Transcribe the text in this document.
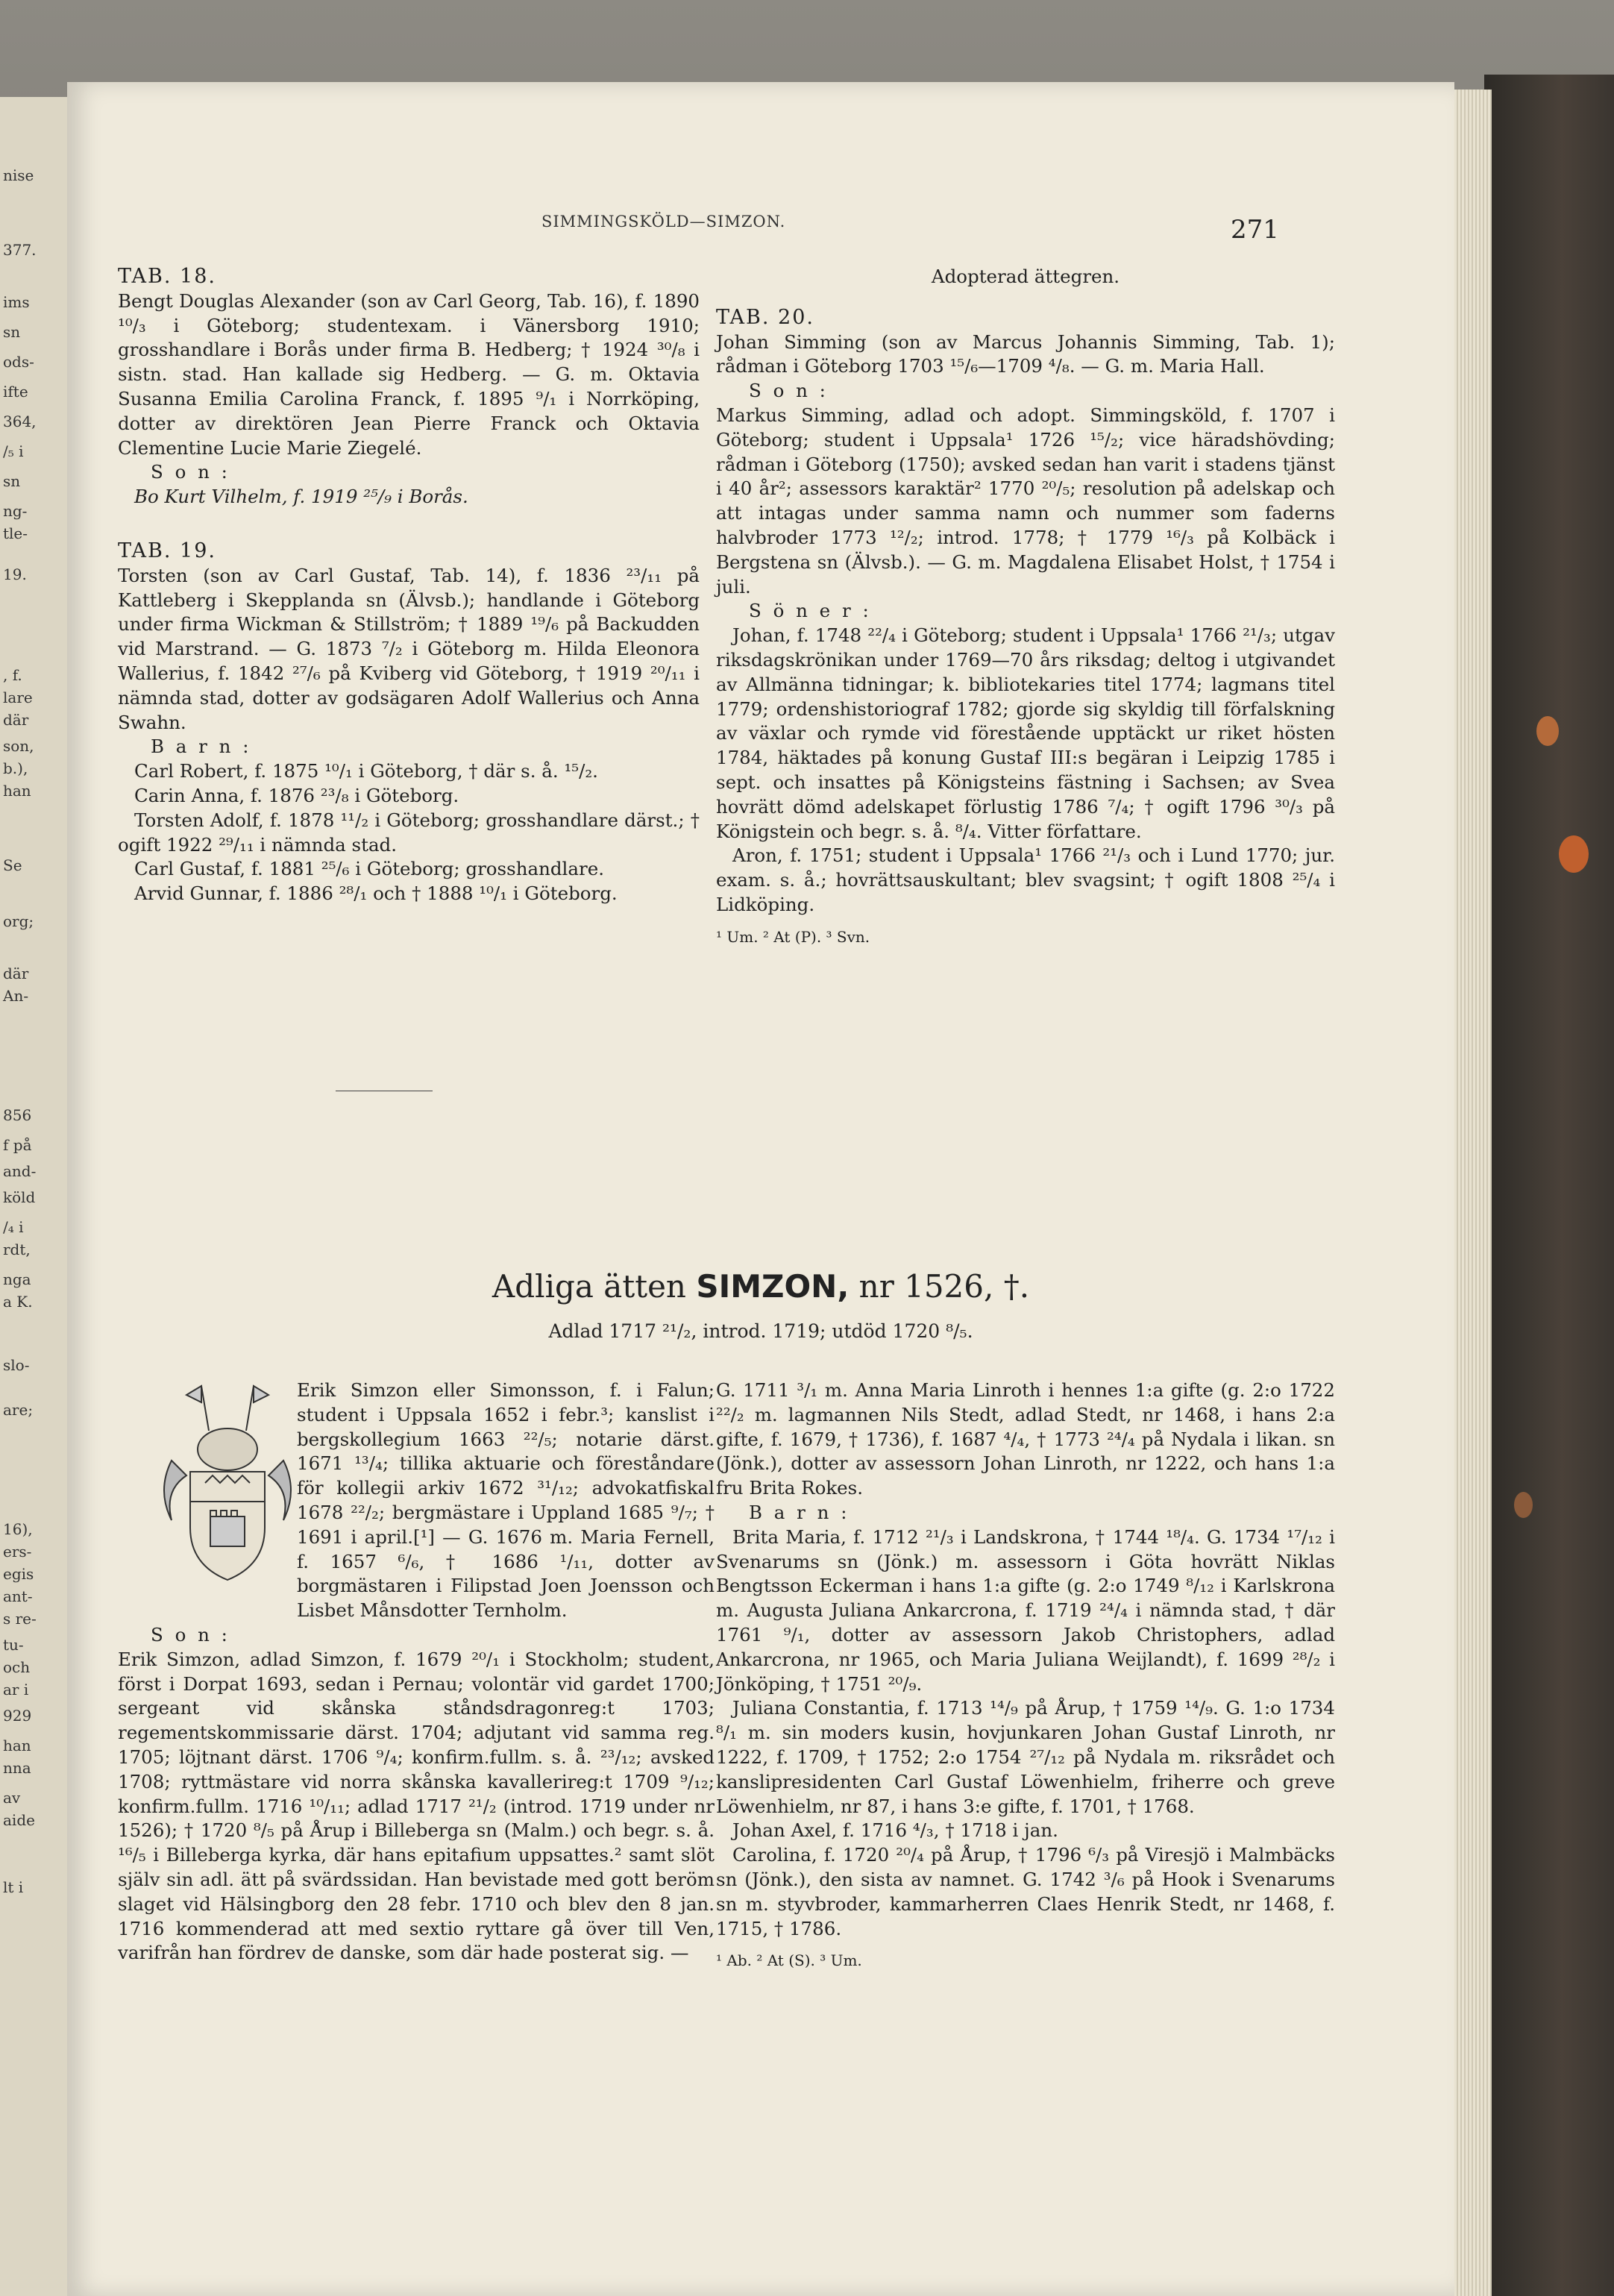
nise
377.
ims
sn
ods-
ifte
364,
/₅ i
sn
ng-
tle-
19.
, f.
lare
där
son,
b.),
han
Se
org;
där
An-
856
f på
and-
köld
/₄ i
rdt,
nga
a K.
slo-
are;
16),
ers-
egis
ant-
s re-
tu-
och
ar i
929
han
nna
av
aide
lt i
SIMMINGSKÖLD—SIMZON.	271

TAB. 18.

Bengt Douglas Alexander (son av Carl Georg, Tab. 16), f. 1890 ¹⁰/₃ i Göteborg; studentexam. i Vänersborg 1910; grosshandlare i Borås under firma B. Hedberg; † 1924 ³⁰/₈ i sistn. stad. Han kallade sig Hedberg. — G. m. Oktavia Susanna Emilia Carolina Franck, f. 1895 ⁹/₁ i Norrköping, dotter av direktören Jean Pierre Franck och Oktavia Clementine Lucie Marie Ziegelé.

S o n :

Bo Kurt Vilhelm, f. 1919 ²⁵/₉ i Borås.

TAB. 19.

Torsten (son av Carl Gustaf, Tab. 14), f. 1836 ²³/₁₁ på Kattleberg i Skepplanda sn (Älvsb.); handlande i Göteborg under firma Wickman & Stillström; † 1889 ¹⁹/₆ på Backudden vid Marstrand. — G. 1873 ⁷/₂ i Göteborg m. Hilda Eleonora Wallerius, f. 1842 ²⁷/₆ på Kviberg vid Göteborg, † 1919 ²⁰/₁₁ i nämnda stad, dotter av godsägaren Adolf Wallerius och Anna Swahn.

B a r n :

Carl Robert, f. 1875 ¹⁰/₁ i Göteborg, † där s. å. ¹⁵/₂.

Carin Anna, f. 1876 ²³/₈ i Göteborg.

Torsten Adolf, f. 1878 ¹¹/₂ i Göteborg; grosshandlare därst.; † ogift 1922 ²⁹/₁₁ i nämnda stad.

Carl Gustaf, f. 1881 ²⁵/₆ i Göteborg; grosshandlare.

Arvid Gunnar, f. 1886 ²⁸/₁ och † 1888 ¹⁰/₁ i Göteborg.

Adopterad ättegren.

TAB. 20.

Johan Simming (son av Marcus Johannis Simming, Tab. 1); rådman i Göteborg 1703 ¹⁵/₆—1709 ⁴/₈. — G. m. Maria Hall.

S o n :

Markus Simming, adlad och adopt. Simmingsköld, f. 1707 i Göteborg; student i Uppsala¹ 1726 ¹⁵/₂; vice häradshövding; rådman i Göteborg (1750); avsked sedan han varit i stadens tjänst i 40 år²; assessors karaktär² 1770 ²⁰/₅; resolution på adelskap och att intagas under samma namn och nummer som faderns halvbroder 1773 ¹²/₂; introd. 1778; † 1779 ¹⁶/₃ på Kolbäck i Bergstena sn (Älvsb.). — G. m. Magdalena Elisabet Holst, † 1754 i juli.

S ö n e r :

Johan, f. 1748 ²²/₄ i Göteborg; student i Uppsala¹ 1766 ²¹/₃; utgav riksdagskrönikan under 1769—70 års riksdag; deltog i utgivandet av Allmänna tidningar; k. bibliotekaries titel 1774; lagmans titel 1779; ordenshistoriograf 1782; gjorde sig skyldig till förfalskning av växlar och rymde vid förestående upptäckt ur riket hösten 1784, häktades på konung Gustaf III:s begäran i Leipzig 1785 i sept. och insattes på Königsteins fästning i Sachsen; av Svea hovrätt dömd adelskapet förlustig 1786 ⁷/₄; † ogift 1796 ³⁰/₃ på Königstein och begr. s. å. ⁸/₄. Vitter författare.

Aron, f. 1751; student i Uppsala¹ 1766 ²¹/₃ och i Lund 1770; jur. exam. s. å.; hovrättsauskultant; blev svagsint; † ogift 1808 ²⁵/₄ i Lidköping.

¹ Um. ² At (P). ³ Svn.

Adliga ätten SIMZON, nr 1526, †.
Adlad 1717 ²¹/₂, introd. 1719; utdöd 1720 ⁸/₅.

Erik Simzon eller Simonsson, f. i Falun; student i Uppsala 1652 i febr.³; kanslist i bergskollegium 1663 ²²/₅; notarie därst. 1671 ¹³/₄; tillika aktuarie och föreståndare för kollegii arkiv 1672 ³¹/₁₂; advokatfiskal 1678 ²²/₂; bergmästare i Uppland 1685 ⁹/₇; † 1691 i april.[¹] — G. 1676 m. Maria Fernell, f. 1657 ⁶/₆, † 1686 ¹/₁₁, dotter av borgmästaren i Filipstad Joen Joensson och Lisbet Månsdotter Ternholm.

S o n :

Erik Simzon, adlad Simzon, f. 1679 ²⁰/₁ i Stockholm; student, först i Dorpat 1693, sedan i Pernau; volontär vid gardet 1700; sergeant vid skånska ståndsdragonreg:t 1703; regementskommissarie därst. 1704; adjutant vid samma reg. 1705; löjtnant därst. 1706 ⁹/₄; konfirm.fullm. s. å. ²³/₁₂; avsked 1708; ryttmästare vid norra skånska kavallerireg:t 1709 ⁹/₁₂; konfirm.fullm. 1716 ¹⁰/₁₁; adlad 1717 ²¹/₂ (introd. 1719 under nr 1526); † 1720 ⁸/₅ på Årup i Billeberga sn (Malm.) och begr. s. å. ¹⁶/₅ i Billeberga kyrka, där hans epitafium uppsattes.² samt slöt själv sin adl. ätt på svärdssidan. Han bevistade med gott beröm slaget vid Hälsingborg den 28 febr. 1710 och blev den 8 jan. 1716 kommenderad att med sextio ryttare gå över till Ven, varifrån han fördrev de danske, som där hade posterat sig. —

G. 1711 ³/₁ m. Anna Maria Linroth i hennes 1:a gifte (g. 2:o 1722 ²²/₂ m. lagmannen Nils Stedt, adlad Stedt, nr 1468, i hans 2:a gifte, f. 1679, † 1736), f. 1687 ⁴/₄, † 1773 ²⁴/₄ på Nydala i likan. sn (Jönk.), dotter av assessorn Johan Linroth, nr 1222, och hans 1:a fru Brita Rokes.

B a r n :

Brita Maria, f. 1712 ²¹/₃ i Landskrona, † 1744 ¹⁸/₄. G. 1734 ¹⁷/₁₂ i Svenarums sn (Jönk.) m. assessorn i Göta hovrätt Niklas Bengtsson Eckerman i hans 1:a gifte (g. 2:o 1749 ⁸/₁₂ i Karlskrona m. Augusta Juliana Ankarcrona, f. 1719 ²⁴/₄ i nämnda stad, † där 1761 ⁹/₁, dotter av assessorn Jakob Christophers, adlad Ankarcrona, nr 1965, och Maria Juliana Weijlandt), f. 1699 ²⁸/₂ i Jönköping, † 1751 ²⁰/₉.

Juliana Constantia, f. 1713 ¹⁴/₉ på Årup, † 1759 ¹⁴/₉. G. 1:o 1734 ⁸/₁ m. sin moders kusin, hovjunkaren Johan Gustaf Linroth, nr 1222, f. 1709, † 1752; 2:o 1754 ²⁷/₁₂ på Nydala m. riksrådet och kanslipresidenten Carl Gustaf Löwenhielm, friherre och greve Löwenhielm, nr 87, i hans 3:e gifte, f. 1701, † 1768.

Johan Axel, f. 1716 ⁴/₃, † 1718 i jan.

Carolina, f. 1720 ²⁰/₄ på Årup, † 1796 ⁶/₃ på Viresjö i Malmbäcks sn (Jönk.), den sista av namnet. G. 1742 ³/₆ på Hook i Svenarums sn m. styvbroder, kammarherren Claes Henrik Stedt, nr 1468, f. 1715, † 1786.

¹ Ab. ² At (S). ³ Um.
